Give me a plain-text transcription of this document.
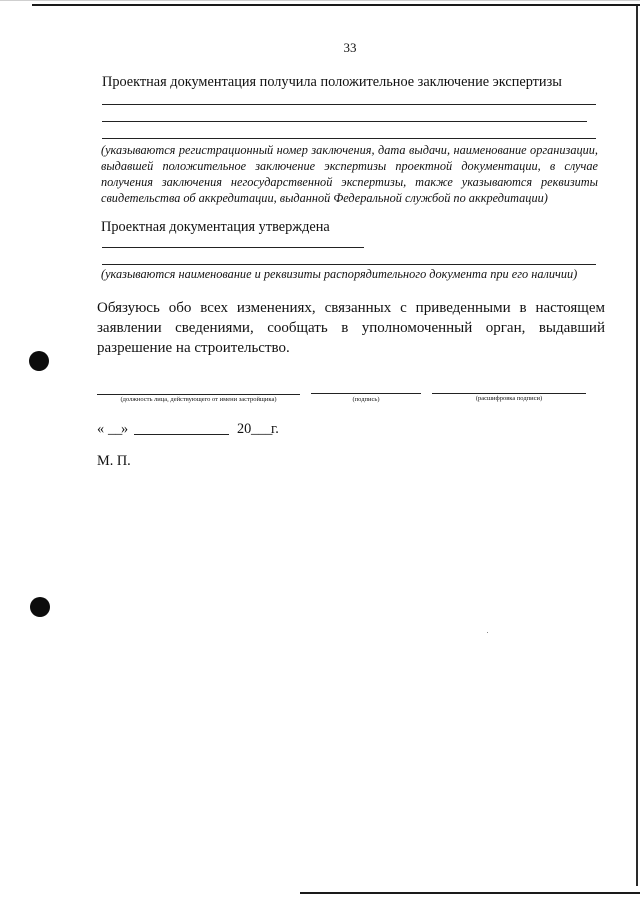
33
Проектная документация получила положительное заключение экспертизы
(указываются регистрационный номер заключения, дата выдачи, наименование организации, выдавшей положительное заключение экспертизы проектной документации, в случае получения заключения негосударственной экспертизы, также указываются реквизиты свидетельства об аккредитации, выданной Федеральной службой по аккредитации)
Проектная документация утверждена
(указываются наименование и реквизиты распорядительного документа при его наличии)
Обязуюсь обо всех изменениях, связанных с приведенными в настоящем заявлении сведениями, сообщать в уполномоченный орган, выдавший разрешение на строительство.
(должность лица, действующего от имени застройщика)	(подпись)	(расшифровка подписи)
« __
»	20 ___
г.
М. П.
